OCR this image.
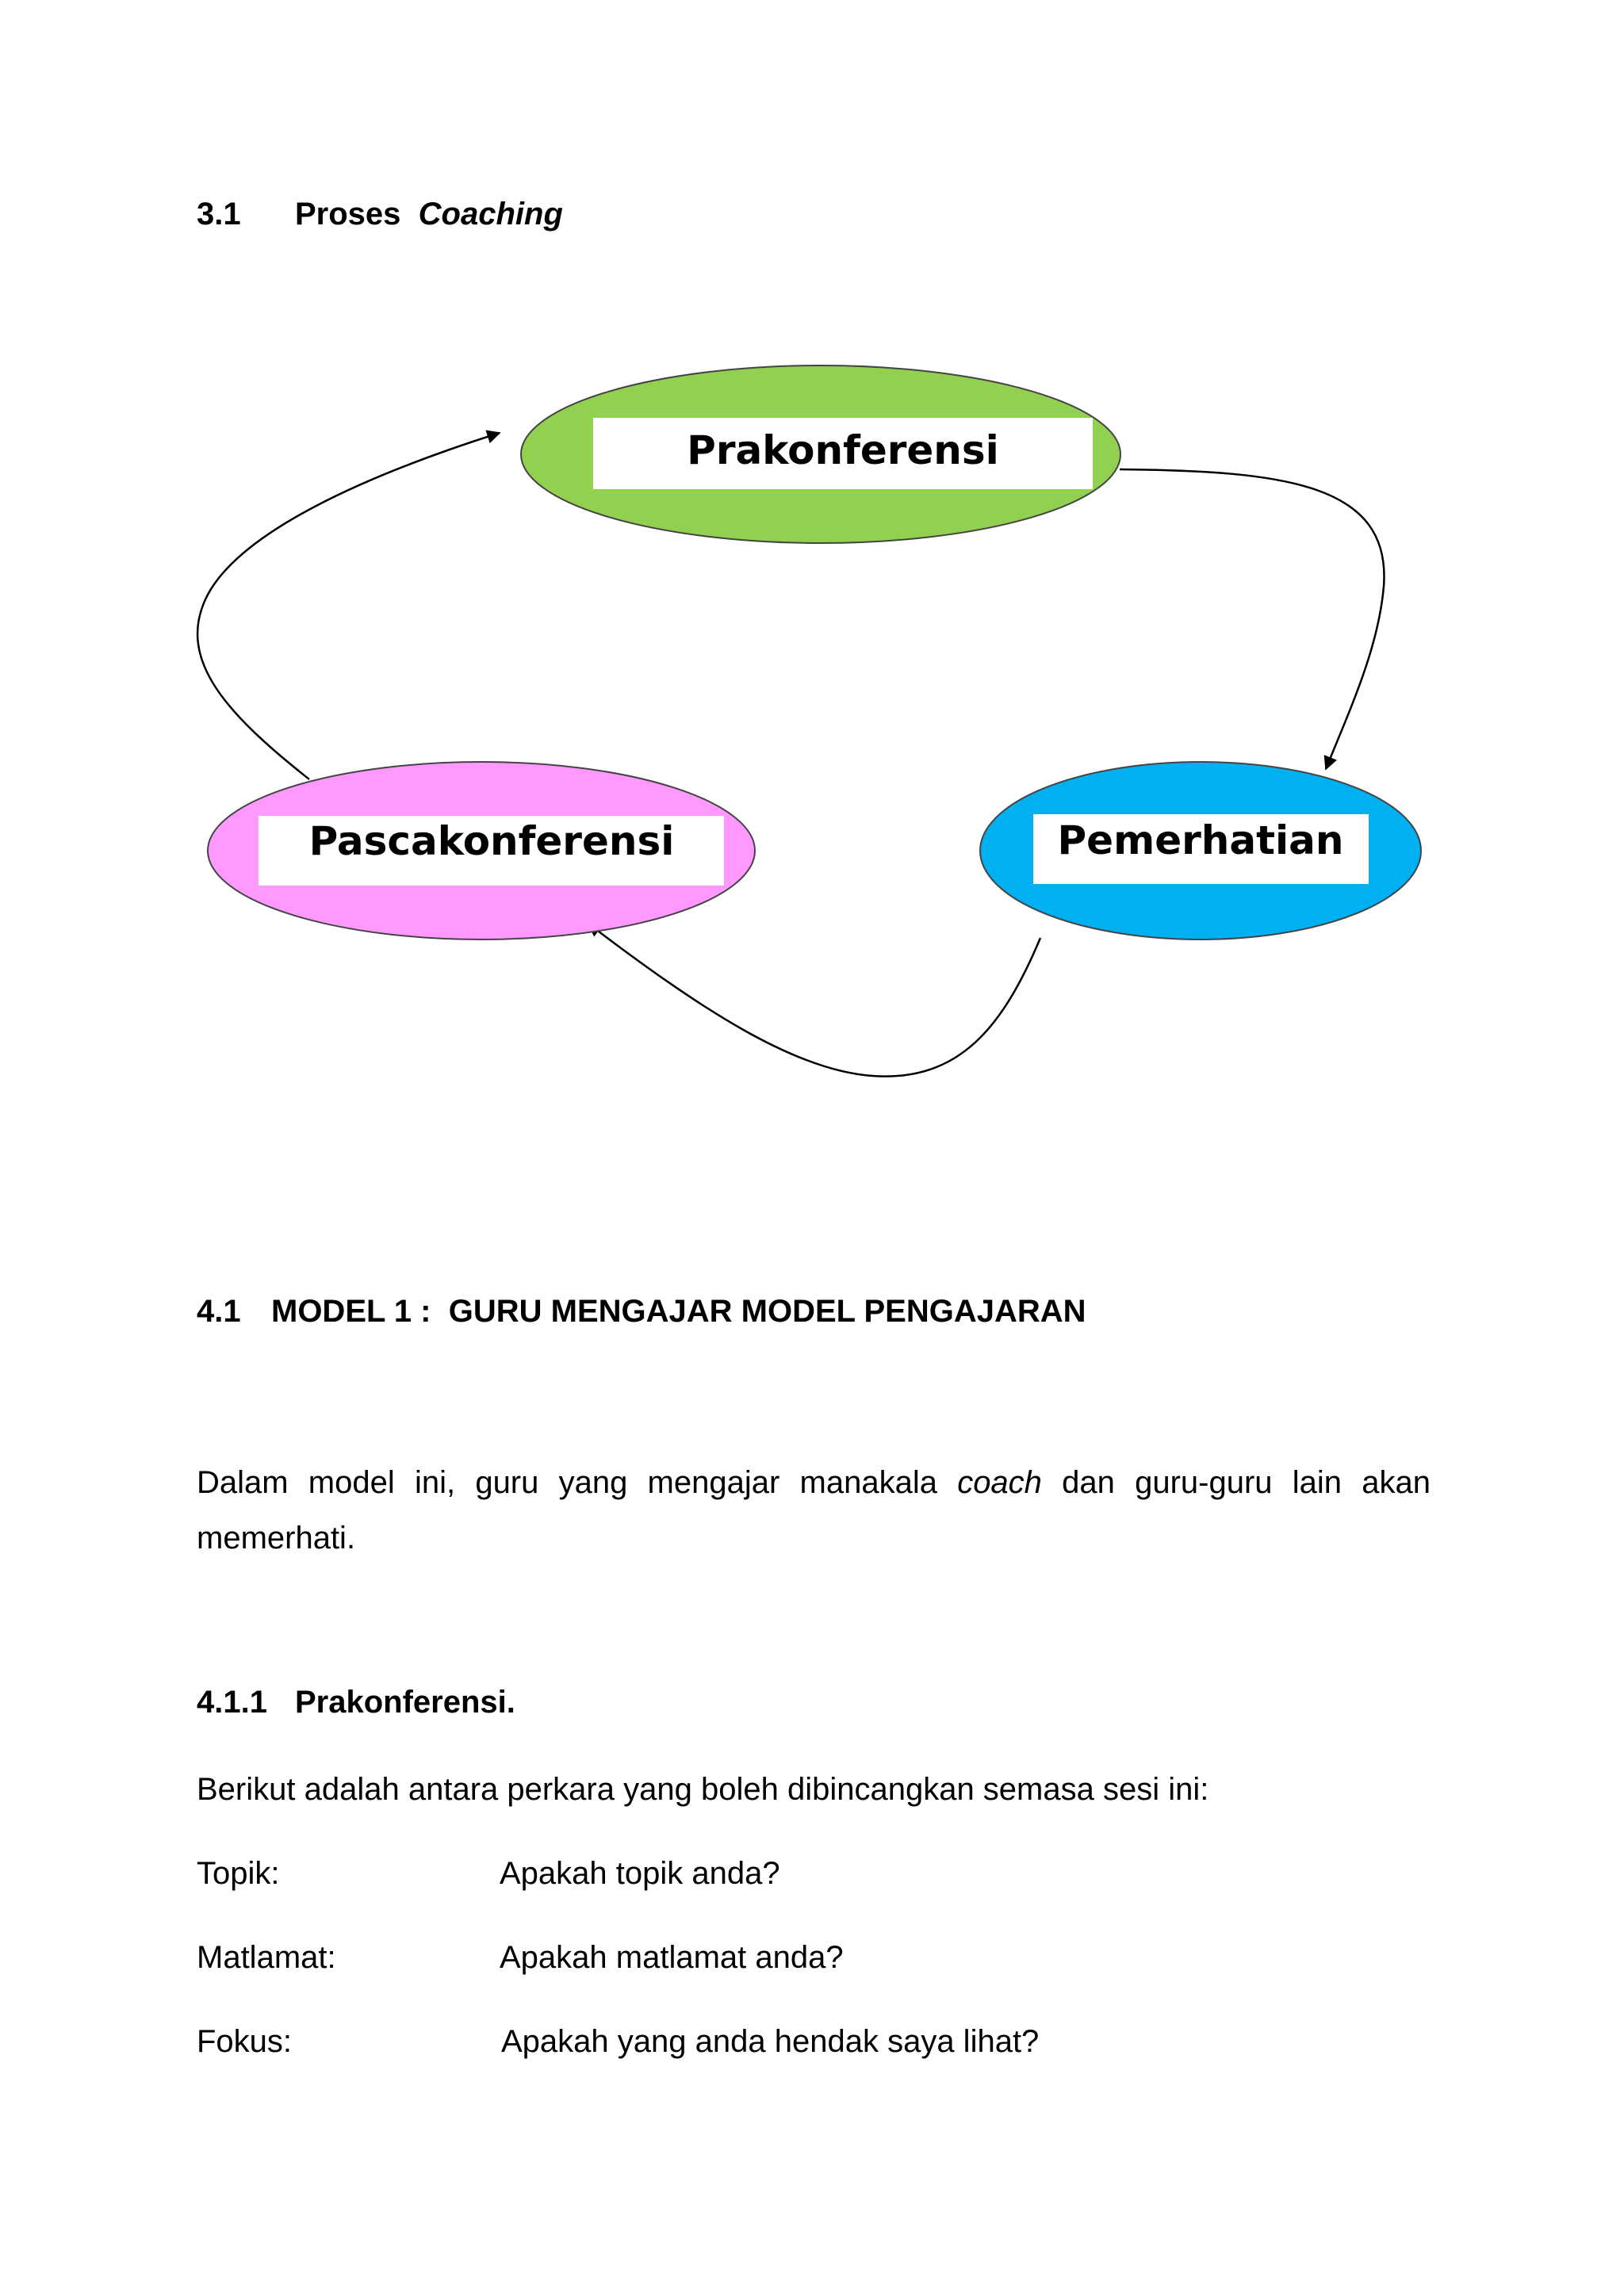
3.1 Proses Coaching
Prakonferensi
Pemerhatian
Pascakonferensi
4.1 MODEL 1 :  GURU MENGAJAR MODEL PENGAJARAN
Dalam model ini, guru yang mengajar manakala coach dan guru-guru lain akan memerhati.
4.1.1 Prakonferensi.
Berikut adalah antara perkara yang boleh dibincangkan semasa sesi ini:
Topik:	Apakah topik anda?
Matlamat:	Apakah matlamat anda?
Fokus:	Apakah yang anda hendak saya lihat?
